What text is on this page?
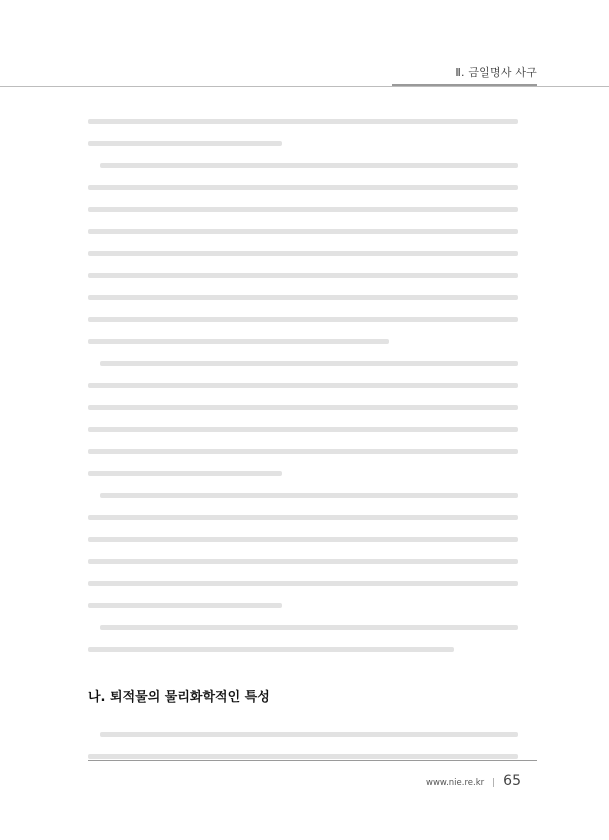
Ⅱ. 금일명사 사구

나. 퇴적물의 물리화학적인 특성

www.nie.re.kr | 65
